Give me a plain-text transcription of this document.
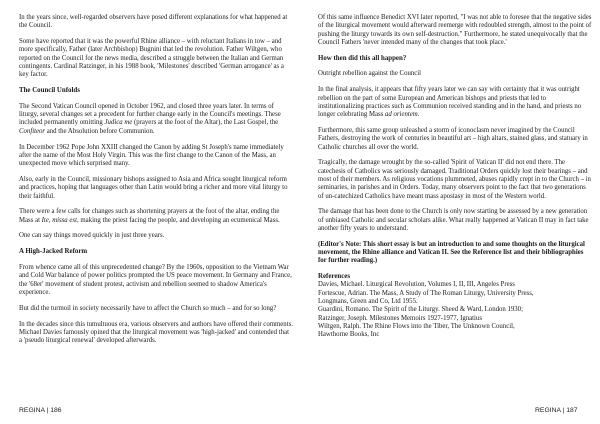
In the years since, well-regarded observers have posed different explanations for what happened at the Council.

Some have reported that it was the powerful Rhine alliance – with reluctant Italians in tow – and more specifically, Father (later Archbishop) Bugnini that led the revolution. Father Wiltgen, who reported on the Council for the news media, described a struggle between the Italian and German contingents. Cardinal Ratzinger, in his 1988 book, 'Milestones' described 'German arrogance' as a key factor.

The Council Unfolds

The Second Vatican Council opened in October 1962, and closed three years later. In terms of liturgy, several changes set a precedent for further change early in the Council's meetings. These included permanently omitting Judica me (prayers at the foot of the Altar), the Last Gospel, the Confiteor and the Absolution before Communion.

In December 1962 Pope John XXIII changed the Canon by adding St Joseph's name immediately after the name of the Most Holy Virgin. This was the first change to the Canon of the Mass, an unexpected move which surprised many.

Also, early in the Council, missionary bishops assigned to Asia and Africa sought liturgical reform and practices, hoping that languages other than Latin would bring a richer and more vital liturgy to their faithful.

There were a few calls for changes such as shortening prayers at the foot of the altar, ending the Mass at Ite, missa est, making the priest facing the people, and developing an ecumenical Mass.

One can say things moved quickly in just three years.

A High-Jacked Reform

From whence came all of this unprecedented change? By the 1960s, opposition to the Vietnam War and Cold War balance of power politics prompted the US peace movement. In Germany and France, the '68er' movement of student protest, activism and rebellion seemed to shadow America's experience.

But did the turmoil in society necessarily have to affect the Church so much – and for so long?

In the decades since this tumultuous era, various observers and authors have offered their comments. Michael Davies famously opined that the liturgical movement was 'high-jacked' and contended that a 'pseudo liturgical renewal' developed afterwards.

Of this same influence Benedict XVI later reported, "I was not able to foresee that the negative sides of the liturgical movement would afterward reemerge with redoubled strength, almost to the point of pushing the liturgy towards its own self-destruction." Furthermore, he stated unequivocally that the Council Fathers 'never intended many of the changes that took place.'

How then did this all happen?

Outright rebellion against the Council

In the final analysis, it appears that fifty years later we can say with certainty that it was outright rebellion on the part of some European and American bishops and priests that led to institutionalizing practices such as Communion received standing and in the hand, and priests no longer celebrating Mass ad orientem.

Furthermore, this same group unleashed a storm of iconoclasm never imagined by the Council Fathers, destroying the work of centuries in beautiful art – high altars, stained glass, and statuary in Catholic churches all over the world.

Tragically, the damage wrought by the so-called 'Spirit of Vatican II' did not end there. The catechesis of Catholics was seriously damaged. Traditional Orders quickly lost their bearings – and most of their members. As religious vocations plummeted, abuses rapidly crept in to the Church – in seminaries, in parishes and in Orders. Today, many observers point to the fact that two generations of un-catechized Catholics have meant mass apostasy in most of the Western world.

The damage that has been done to the Church is only now starting be assessed by a new generation of unbiased Catholic and secular scholars alike. What really happened at Vatican II may in fact take another fifty years to understand.

(Editor's Note: This short essay is but an introduction to and some thoughts on the liturgical movement, the Rhine alliance and Vatican II. See the Reference list and their bibliographies for further reading.)

References

Davies, Michael. Liturgical Revolution, Volumes I, II, III, Angeles Press

Fortescue, Adrian. The Mass, A Study of The Roman Liturgy, University Press,

Longmans, Green and Co, Ltd 1955.

Guardini, Romano. The Spirit of the Liturgy. Sheed & Ward, London 1930;

Ratzinger, Joseph. Milestones Memoirs 1927-1977, Ignatius

Wiltgen, Ralph. The Rhine Flows into the Tiber, The Unknown Council,

Hawthorne Books, Inc

REGINA | 186	REGINA | 187
